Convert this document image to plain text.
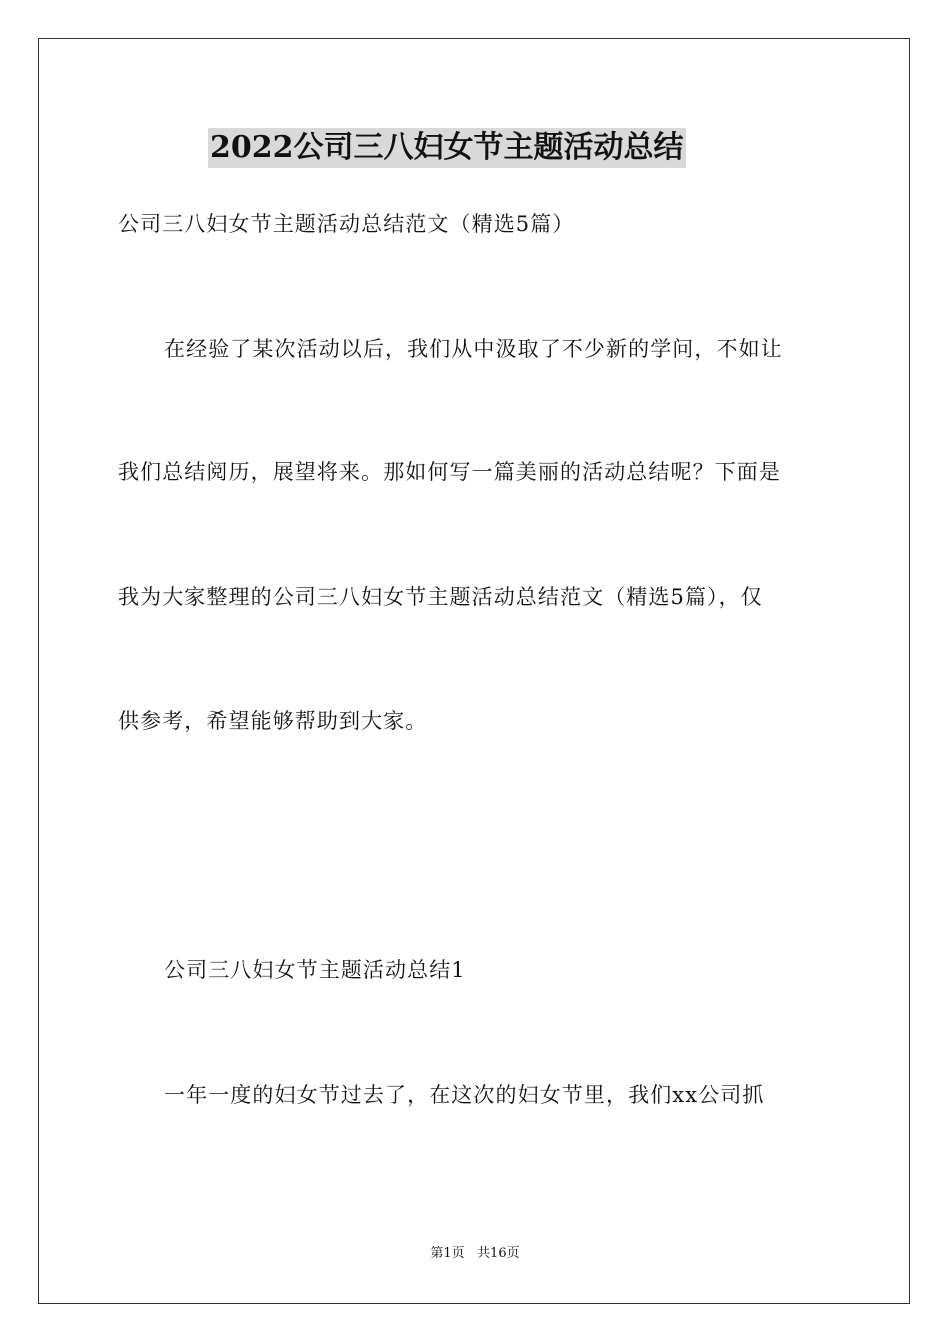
2022公司三八妇女节主题活动总结
公司三八妇女节主题活动总结范文（精选5篇）
在经验了某次活动以后，我们从中汲取了不少新的学问，不如让
我们总结阅历，展望将来。那如何写一篇美丽的活动总结呢？下面是
我为大家整理的公司三八妇女节主题活动总结范文（精选5篇），仅
供参考，希望能够帮助到大家。
公司三八妇女节主题活动总结1
一年一度的妇女节过去了，在这次的妇女节里，我们xx公司抓
第1页   共16页
